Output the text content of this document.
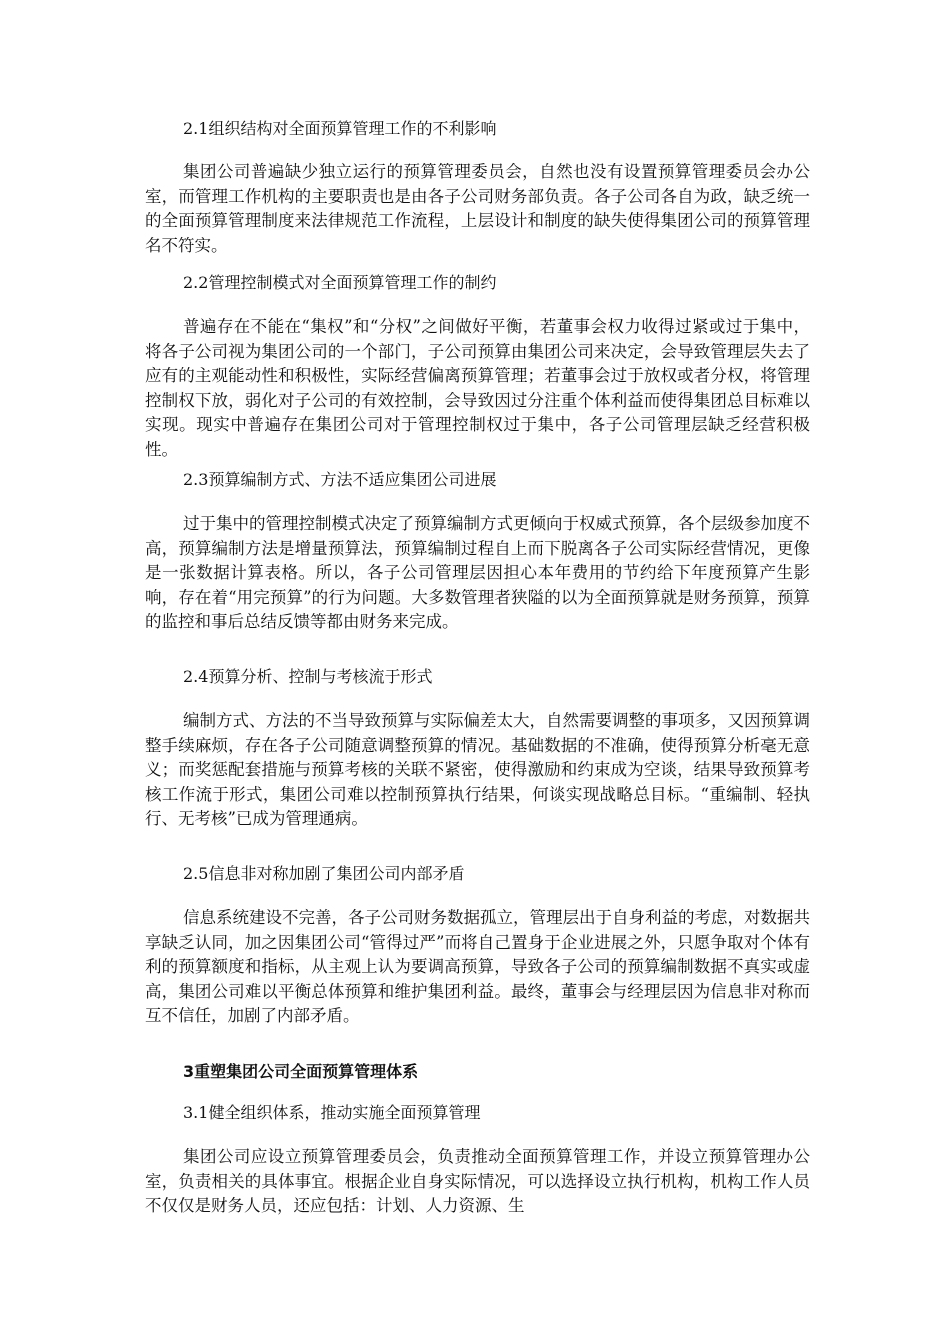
2.1组织结构对全面预算管理工作的不利影响

集团公司普遍缺少独立运行的预算管理委员会，自然也没有设置预算管理委员会办公室，而管理工作机构的主要职责也是由各子公司财务部负责。各子公司各自为政，缺乏统一的全面预算管理制度来法律规范工作流程，上层设计和制度的缺失使得集团公司的预算管理名不符实。

2.2管理控制模式对全面预算管理工作的制约

普遍存在不能在“集权”和“分权”之间做好平衡，若董事会权力收得过紧或过于集中，将各子公司视为集团公司的一个部门，子公司预算由集团公司来决定，会导致管理层失去了应有的主观能动性和积极性，实际经营偏离预算管理；若董事会过于放权或者分权，将管理控制权下放，弱化对子公司的有效控制，会导致因过分注重个体利益而使得集团总目标难以实现。现实中普遍存在集团公司对于管理控制权过于集中，各子公司管理层缺乏经营积极性。

2.3预算编制方式、方法不适应集团公司进展

过于集中的管理控制模式决定了预算编制方式更倾向于权威式预算，各个层级参加度不高，预算编制方法是增量预算法，预算编制过程自上而下脱离各子公司实际经营情况，更像是一张数据计算表格。所以，各子公司管理层因担心本年费用的节约给下年度预算产生影响，存在着“用完预算”的行为问题。大多数管理者狭隘的以为全面预算就是财务预算，预算的监控和事后总结反馈等都由财务来完成。

2.4预算分析、控制与考核流于形式

编制方式、方法的不当导致预算与实际偏差太大，自然需要调整的事项多，又因预算调整手续麻烦，存在各子公司随意调整预算的情况。基础数据的不准确，使得预算分析毫无意义；而奖惩配套措施与预算考核的关联不紧密，使得激励和约束成为空谈，结果导致预算考核工作流于形式，集团公司难以控制预算执行结果，何谈实现战略总目标。“重编制、轻执行、无考核”已成为管理通病。

2.5信息非对称加剧了集团公司内部矛盾

信息系统建设不完善，各子公司财务数据孤立，管理层出于自身利益的考虑，对数据共享缺乏认同，加之因集团公司“管得过严”而将自己置身于企业进展之外，只愿争取对个体有利的预算额度和指标，从主观上认为要调高预算，导致各子公司的预算编制数据不真实或虚高，集团公司难以平衡总体预算和维护集团利益。最终，董事会与经理层因为信息非对称而互不信任，加剧了内部矛盾。

3重塑集团公司全面预算管理体系
3.1健全组织体系，推动实施全面预算管理

集团公司应设立预算管理委员会，负责推动全面预算管理工作，并设立预算管理办公室，负责相关的具体事宜。根据企业自身实际情况，可以选择设立执行机构，机构工作人员不仅仅是财务人员，还应包括：计划、人力资源、生
